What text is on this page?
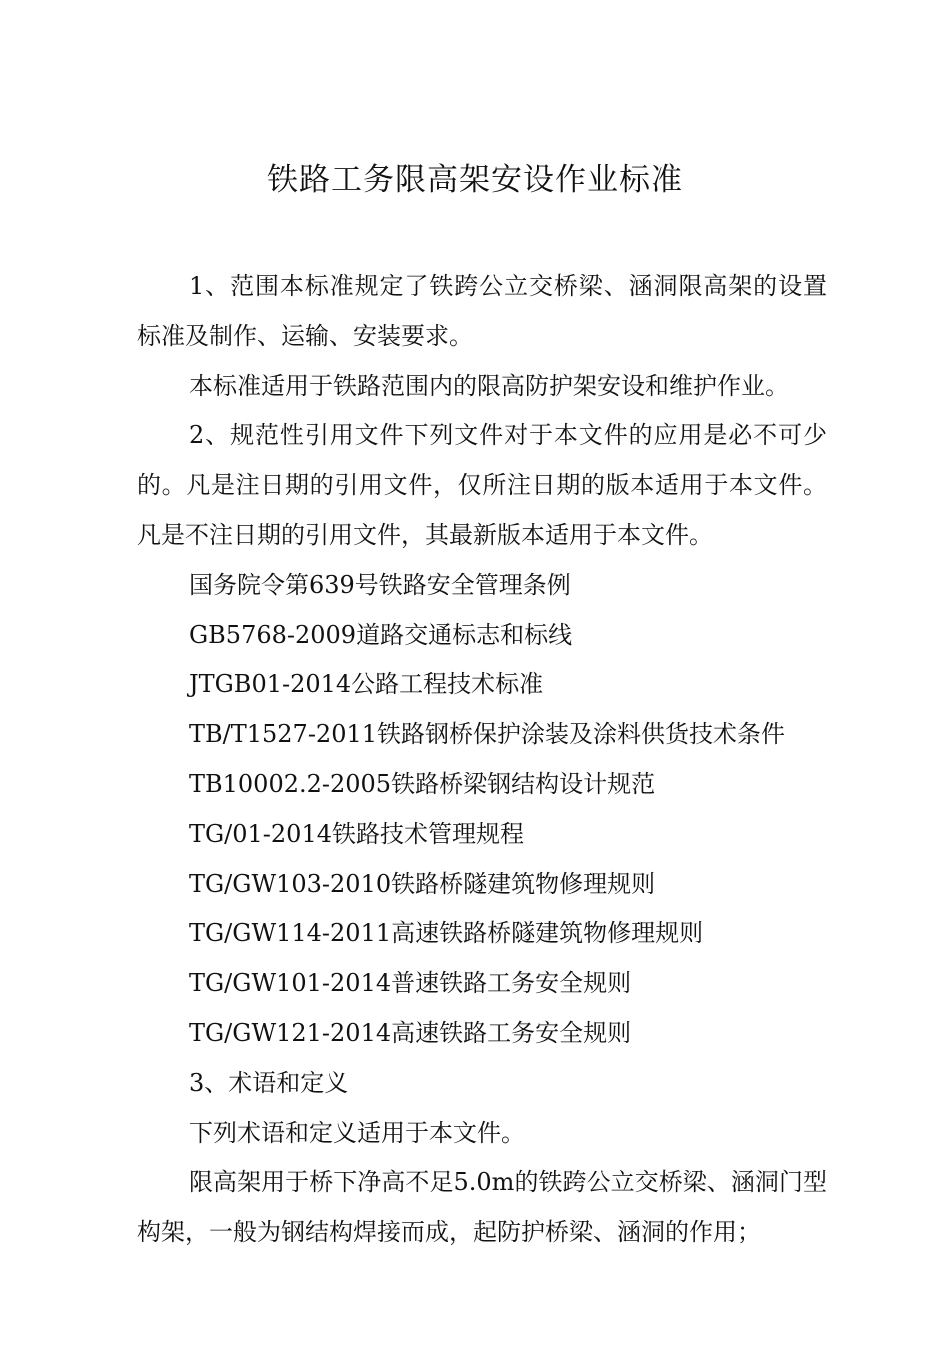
铁路工务限高架安设作业标准

1、范围本标准规定了铁跨公立交桥梁、涵洞限高架的设置标准及制作、运输、安装要求。

本标准适用于铁路范围内的限高防护架安设和维护作业。

2、规范性引用文件下列文件对于本文件的应用是必不可少的。凡是注日期的引用文件，仅所注日期的版本适用于本文件。凡是不注日期的引用文件，其最新版本适用于本文件。

国务院令第639号铁路安全管理条例

GB5768-2009道路交通标志和标线

JTGB01-2014公路工程技术标准

TB/T1527-2011铁路钢桥保护涂装及涂料供货技术条件

TB10002.2-2005铁路桥梁钢结构设计规范

TG/01-2014铁路技术管理规程

TG/GW103-2010铁路桥隧建筑物修理规则

TG/GW114-2011高速铁路桥隧建筑物修理规则

TG/GW101-2014普速铁路工务安全规则

TG/GW121-2014高速铁路工务安全规则

3、术语和定义

下列术语和定义适用于本文件。

限高架用于桥下净高不足5.0m的铁跨公立交桥梁、涵洞门型构架，一般为钢结构焊接而成，起防护桥梁、涵洞的作用；
